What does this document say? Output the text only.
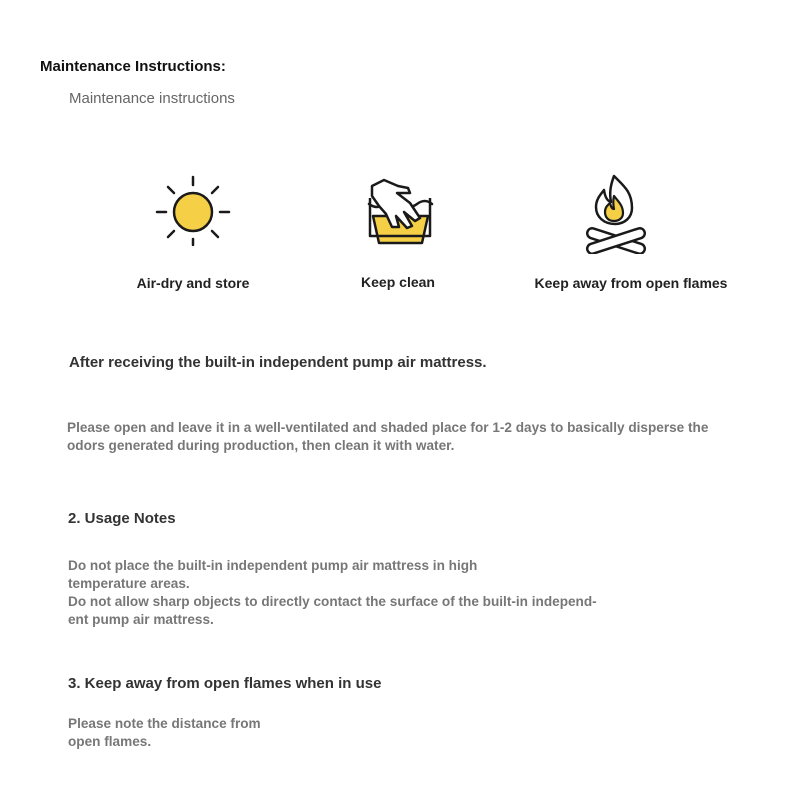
Maintenance Instructions:
Maintenance instructions
Air-dry and store	Keep clean	Keep away from open flames
After receiving the built-in independent pump air mattress.
Please open and leave it in a well-ventilated and shaded place for 1-2 days to basically disperse the
odors generated during production, then clean it with water.
2. Usage Notes
Do not place the built-in independent pump air mattress in high
temperature areas.
Do not allow sharp objects to directly contact the surface of the built-in independ-
ent pump air mattress.
3. Keep away from open flames when in use
Please note the distance from
open flames.
